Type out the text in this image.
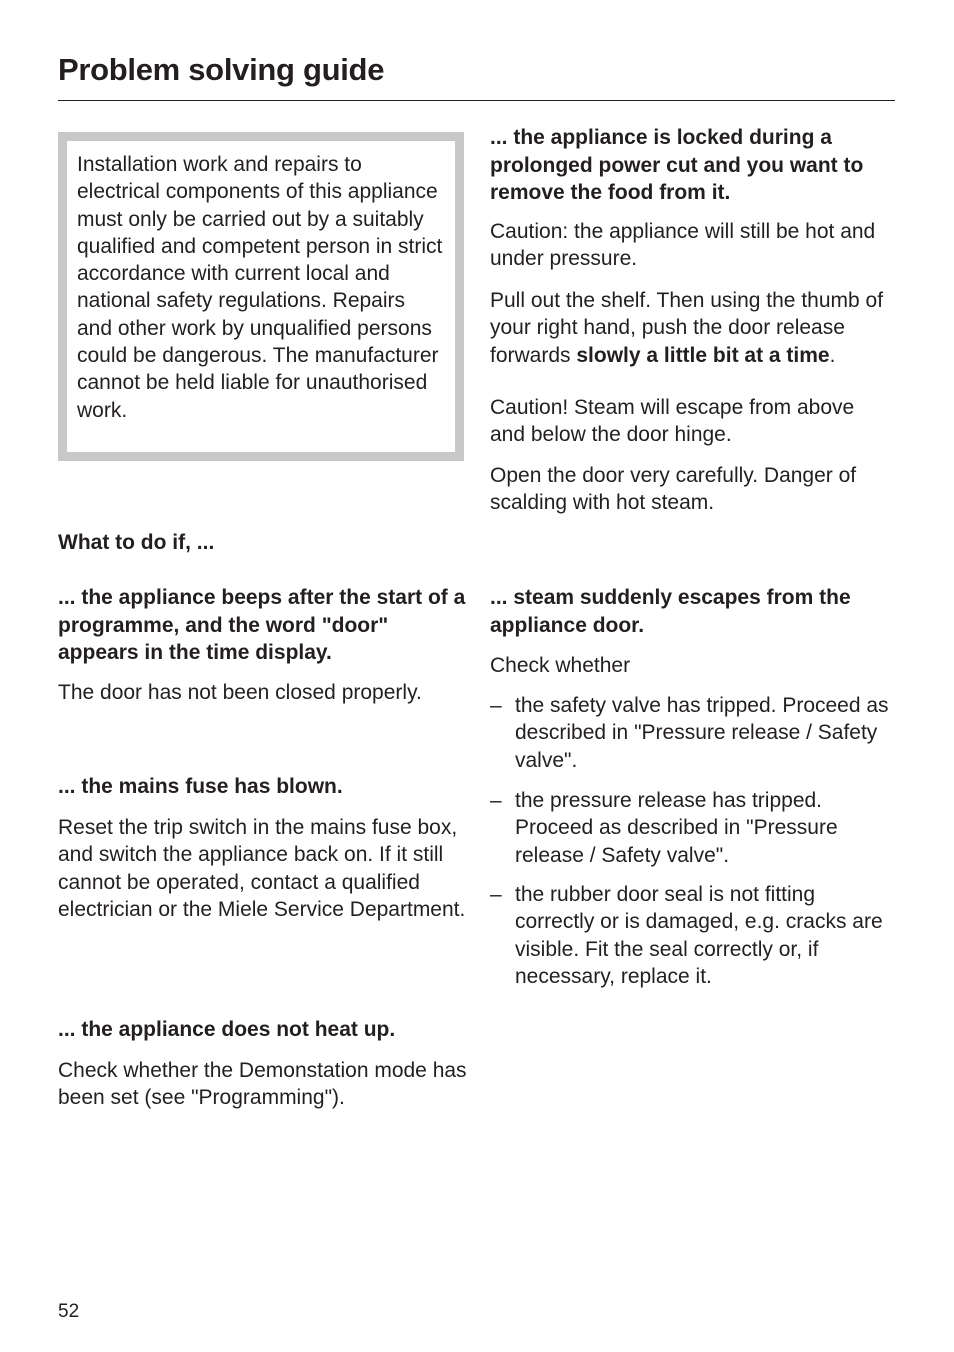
Problem solving guide
Installation work and repairs to electrical components of this appliance must only be carried out by a suitably qualified and competent person in strict accordance with current local and national safety regulations. Repairs and other work by unqualified persons could be dangerous. The manufacturer cannot be held liable for unauthorised work.

What to do if, ...

... the appliance beeps after the start of a programme, and the word "door" appears in the time display.

The door has not been closed properly.

... the mains fuse has blown.

Reset the trip switch in the mains fuse box, and switch the appliance back on. If it still cannot be operated, contact a qualified electrician or the Miele Service Department.

... the appliance does not heat up.

Check whether the Demonstation mode has been set (see "Programming").

... the appliance is locked during a prolonged power cut and you want to remove the food from it.

Caution: the appliance will still be hot and under pressure.

Pull out the shelf. Then using the thumb of your right hand, push the door release forwards slowly a little bit at a time.

Caution! Steam will escape from above and below the door hinge.

Open the door very carefully. Danger of scalding with hot steam.

... steam suddenly escapes from the appliance door.

Check whether

– the safety valve has tripped. Proceed as described in "Pressure release / Safety valve".
– the pressure release has tripped. Proceed as described in "Pressure release / Safety valve".
– the rubber door seal is not fitting correctly or is damaged, e.g. cracks are visible. Fit the seal correctly or, if necessary, replace it.
52
